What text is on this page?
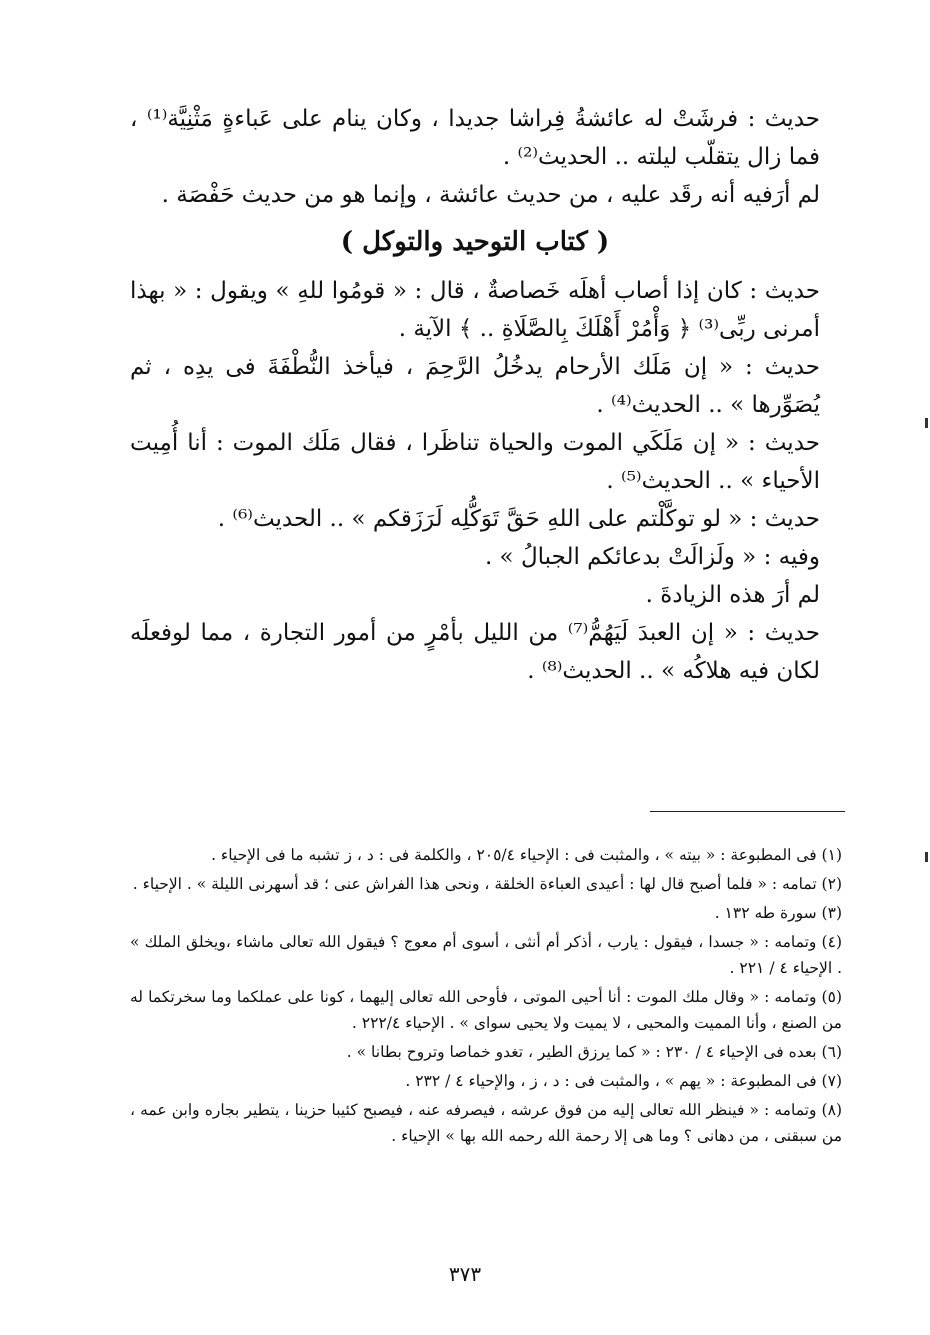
حديث : فرشَتْ له عائشةُ فِراشا جديدا ، وكان ينام على عَباءةٍ مَثْنِيَّة⁽¹⁾ ، فما زال يتقلّب ليلته .. الحديث⁽²⁾ .

لم أرَفيه أنه رقَد عليه ، من حديث عائشة ، وإنما هو من حديث حَفْصَة .

( كتاب التوحيد والتوكل )

حديث : كان إذا أصاب أهلَه خَصاصةٌ ، قال : « قومُوا للهِ » ويقول : « بهذا أمرنى ربِّى⁽³⁾ ﴿ وَأْمُرْ أَهْلَكَ بِالصَّلَاةِ .. ﴾ الآية .

حديث : « إن مَلَك الأرحام يدخُلُ الرَّحِمَ ، فيأخذ النُّطْفَةَ فى يدِه ، ثم يُصَوِّرها » .. الحديث⁽⁴⁾ .

حديث : « إن مَلَكَي الموت والحياة تناظَرا ، فقال مَلَك الموت : أنا أُمِيت الأحياء » .. الحديث⁽⁵⁾ .

حديث : « لو توكَّلْتم على اللهِ حَقَّ تَوَكُّلِه لَرَزَقكم » .. الحديث⁽⁶⁾ .

وفيه : « ولَزالَتْ بدعائكم الجبالُ » .

لم أرَ هذه الزيادةَ .

حديث : « إن العبدَ لَيَهُمُّ⁽⁷⁾ من الليل بأمْرٍ من أمور التجارة ، مما لوفعلَه لكان فيه هلاكُه » .. الحديث⁽⁸⁾ .

(١) فى المطبوعة : « بيته » ، والمثبت فى : الإحياء ٢٠٥/٤ ، والكلمة فى : د ، ز تشبه ما فى الإحياء .

(٢) تمامه : « فلما أصبح قال لها : أعيدى العباءة الخلقة ، ونحى هذا الفراش عنى ؛ قد أسهرنى الليلة » . الإحياء .

(٣) سورة طه ١٣٢ .

(٤) وتمامه : « جسدا ، فيقول : يارب ، أذكر أم أنثى ، أسوى أم معوج ؟ فيقول الله تعالى ماشاء ،ويخلق الملك » . الإحياء ٤ / ٢٢١ .

(٥) وتمامه : « وقال ملك الموت : أنا أحيى الموتى ، فأوحى الله تعالى إليهما ، كونا على عملكما وما سخرتكما له من الصنع ، وأنا المميت والمحيى ، لا يميت ولا يحيى سواى » . الإحياء ٢٢٢/٤ .

(٦) بعده فى الإحياء ٤ / ٢٣٠ : « كما يرزق الطير ، تغدو خماصا وتروح بطانا » .

(٧) فى المطبوعة : « يهم » ، والمثبت فى : د ، ز ، والإحياء ٤ / ٢٣٢ .

(٨) وتمامه : « فينظر الله تعالى إليه من فوق عرشه ، فيصرفه عنه ، فيصبح كئيبا حزينا ، يتطير بجاره وابن عمه ، من سبقنى ، من دهانى ؟ وما هى إلا رحمة الله رحمه الله بها » الإحياء .

٣٧٣
